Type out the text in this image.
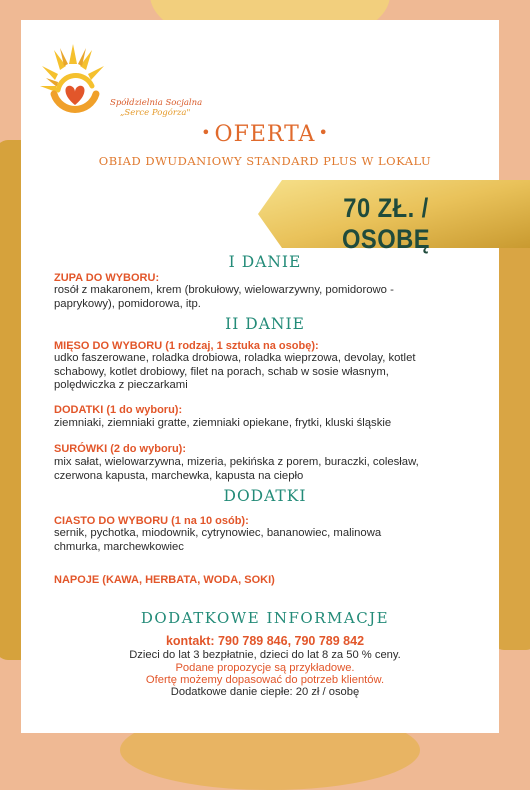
Spółdzielnia Socjalna
„Serce Pogórza"
• OFERTA •
OBIAD DWUDANIOWY STANDARD PLUS W LOKALU
70 ZŁ. / OSOBĘ
I DANIE
ZUPA DO WYBORU:
rosół z makaronem, krem (brokułowy, wielowarzywny, pomidorowo -
paprykowy), pomidorowa, itp.
II DANIE
MIĘSO DO WYBORU (1 rodzaj, 1 sztuka na osobę):
udko faszerowane, roladka drobiowa, roladka wieprzowa, devolay, kotlet
schabowy, kotlet drobiowy, filet na porach, schab w sosie własnym,
polędwiczka z pieczarkami
DODATKI (1 do wyboru):
ziemniaki, ziemniaki gratte, ziemniaki opiekane, frytki, kluski śląskie
SURÓWKI (2 do wyboru):
mix sałat, wielowarzywna, mizeria, pekińska z porem, buraczki, colesław,
czerwona kapusta, marchewka, kapusta na ciepło
DODATKI
CIASTO DO WYBORU (1 na 10 osób):
sernik, pychotka, miodownik, cytrynowiec, bananowiec, malinowa
chmurka, marchewkowiec
NAPOJE (KAWA, HERBATA, WODA, SOKI)
DODATKOWE INFORMACJE
kontakt: 790 789 846, 790 789 842
Dzieci do lat 3 bezpłatnie, dzieci do lat 8 za 50 % ceny.
Podane propozycje są przykładowe.
Ofertę możemy dopasować do potrzeb klientów.
Dodatkowe danie ciepłe: 20 zł / osobę
